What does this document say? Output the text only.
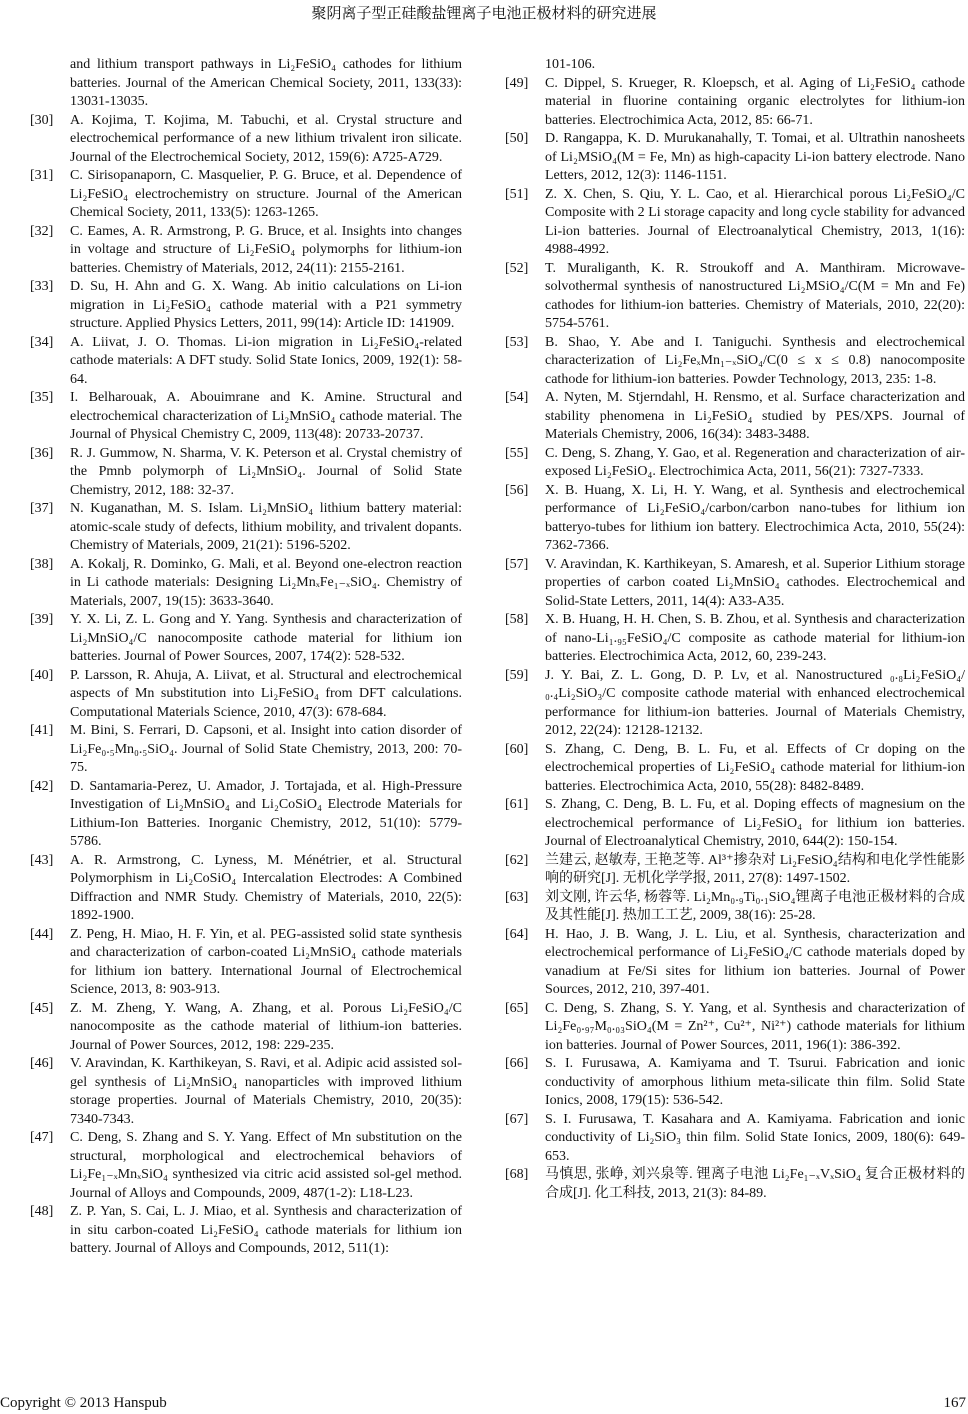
聚阴离子型正硅酸盐锂离子电池正极材料的研究进展
and lithium transport pathways in Li₂FeSiO₄ cathodes for lithium batteries. Journal of the American Chemical Society, 2011, 133(33): 13031-13035.
[30]	A. Kojima, T. Kojima, M. Tabuchi, et al. Crystal structure and electrochemical performance of a new lithium trivalent iron silicate. Journal of the Electrochemical Society, 2012, 159(6): A725-A729.
[31]	C. Sirisopanaporn, C. Masquelier, P. G. Bruce, et al. Dependence of Li₂FeSiO₄ electrochemistry on structure. Journal of the American Chemical Society, 2011, 133(5): 1263-1265.
[32]	C. Eames, A. R. Armstrong, P. G. Bruce, et al. Insights into changes in voltage and structure of Li₂FeSiO₄ polymorphs for lithium-ion batteries. Chemistry of Materials, 2012, 24(11): 2155-2161.
[33]	D. Su, H. Ahn and G. X. Wang. Ab initio calculations on Li-ion migration in Li₂FeSiO₄ cathode material with a P21 symmetry structure. Applied Physics Letters, 2011, 99(14): Article ID: 141909.
[34]	A. Liivat, J. O. Thomas. Li-ion migration in Li₂FeSiO₄-related cathode materials: A DFT study. Solid State Ionics, 2009, 192(1): 58-64.
[35]	I. Belharouak, A. Abouimrane and K. Amine. Structural and electrochemical characterization of Li₂MnSiO₄ cathode material. The Journal of Physical Chemistry C, 2009, 113(48): 20733-20737.
[36]	R. J. Gummow, N. Sharma, V. K. Peterson et al. Crystal chemistry of the Pmnb polymorph of Li₂MnSiO₄. Journal of Solid State Chemistry, 2012, 188: 32-37.
[37]	N. Kuganathan, M. S. Islam. Li₂MnSiO₄ lithium battery material: atomic-scale study of defects, lithium mobility, and trivalent dopants. Chemistry of Materials, 2009, 21(21): 5196-5202.
[38]	A. Kokalj, R. Dominko, G. Mali, et al. Beyond one-electron reaction in Li cathode materials: Designing Li₂MnₓFe₁₋ₓSiO₄. Chemistry of Materials, 2007, 19(15): 3633-3640.
[39]	Y. X. Li, Z. L. Gong and Y. Yang. Synthesis and characterization of Li₂MnSiO₄/C nanocomposite cathode material for lithium ion batteries. Journal of Power Sources, 2007, 174(2): 528-532.
[40]	P. Larsson, R. Ahuja, A. Liivat, et al. Structural and electrochemical aspects of Mn substitution into Li₂FeSiO₄ from DFT calculations. Computational Materials Science, 2010, 47(3): 678-684.
[41]	M. Bini, S. Ferrari, D. Capsoni, et al. Insight into cation disorder of Li₂Fe₀.₅Mn₀.₅SiO₄. Journal of Solid State Chemistry, 2013, 200: 70-75.
[42]	D. Santamaria-Perez, U. Amador, J. Tortajada, et al. High-Pressure Investigation of Li₂MnSiO₄ and Li₂CoSiO₄ Electrode Materials for Lithium-Ion Batteries. Inorganic Chemistry, 2012, 51(10): 5779-5786.
[43]	A. R. Armstrong, C. Lyness, M. Ménétrier, et al. Structural Polymorphism in Li₂CoSiO₄ Intercalation Electrodes: A Combined Diffraction and NMR Study. Chemistry of Materials, 2010, 22(5): 1892-1900.
[44]	Z. Peng, H. Miao, H. F. Yin, et al. PEG-assisted solid state synthesis and characterization of carbon-coated Li₂MnSiO₄ cathode materials for lithium ion battery. International Journal of Electrochemical Science, 2013, 8: 903-913.
[45]	Z. M. Zheng, Y. Wang, A. Zhang, et al. Porous Li₂FeSiO₄/C nanocomposite as the cathode material of lithium-ion batteries. Journal of Power Sources, 2012, 198: 229-235.
[46]	V. Aravindan, K. Karthikeyan, S. Ravi, et al. Adipic acid assisted sol-gel synthesis of Li₂MnSiO₄ nanoparticles with improved lithium storage properties. Journal of Materials Chemistry, 2010, 20(35): 7340-7343.
[47]	C. Deng, S. Zhang and S. Y. Yang. Effect of Mn substitution on the structural, morphological and electrochemical behaviors of Li₂Fe₁₋ₓMnₓSiO₄ synthesized via citric acid assisted sol-gel method. Journal of Alloys and Compounds, 2009, 487(1-2): L18-L23.
[48]	Z. P. Yan, S. Cai, L. J. Miao, et al. Synthesis and characterization of in situ carbon-coated Li₂FeSiO₄ cathode materials for lithium ion battery. Journal of Alloys and Compounds, 2012, 511(1):
101-106.
[49]	C. Dippel, S. Krueger, R. Kloepsch, et al. Aging of Li₂FeSiO₄ cathode material in fluorine containing organic electrolytes for lithium-ion batteries. Electrochimica Acta, 2012, 85: 66-71.
[50]	D. Rangappa, K. D. Murukanahally, T. Tomai, et al. Ultrathin nanosheets of Li₂MSiO₄(M = Fe, Mn) as high-capacity Li-ion battery electrode. Nano Letters, 2012, 12(3): 1146-1151.
[51]	Z. X. Chen, S. Qiu, Y. L. Cao, et al. Hierarchical porous Li₂FeSiO₄/C Composite with 2 Li storage capacity and long cycle stability for advanced Li-ion batteries. Journal of Electroanalytical Chemistry, 2013, 1(16): 4988-4992.
[52]	T. Muraliganth, K. R. Stroukoff and A. Manthiram. Microwave-solvothermal synthesis of nanostructured Li₂MSiO₄/C(M = Mn and Fe) cathodes for lithium-ion batteries. Chemistry of Materials, 2010, 22(20): 5754-5761.
[53]	B. Shao, Y. Abe and I. Taniguchi. Synthesis and electrochemical characterization of Li₂FeₓMn₁₋ₓSiO₄/C(0 ≤ x ≤ 0.8) nanocomposite cathode for lithium-ion batteries. Powder Technology, 2013, 235: 1-8.
[54]	A. Nyten, M. Stjerndahl, H. Rensmo, et al. Surface characterization and stability phenomena in Li₂FeSiO₄ studied by PES/XPS. Journal of Materials Chemistry, 2006, 16(34): 3483-3488.
[55]	C. Deng, S. Zhang, Y. Gao, et al. Regeneration and characterization of air-exposed Li₂FeSiO₄. Electrochimica Acta, 2011, 56(21): 7327-7333.
[56]	X. B. Huang, X. Li, H. Y. Wang, et al. Synthesis and electrochemical performance of Li₂FeSiO₄/carbon/carbon nano-tubes for lithium ion batteryo-tubes for lithium ion battery. Electrochimica Acta, 2010, 55(24): 7362-7366.
[57]	V. Aravindan, K. Karthikeyan, S. Amaresh, et al. Superior Lithium storage properties of carbon coated Li₂MnSiO₄ cathodes. Electrochemical and Solid-State Letters, 2011, 14(4): A33-A35.
[58]	X. B. Huang, H. H. Chen, S. B. Zhou, et al. Synthesis and characterization of nano-Li₁.₉₅FeSiO₄/C composite as cathode material for lithium-ion batteries. Electrochimica Acta, 2012, 60, 239-243.
[59]	J. Y. Bai, Z. L. Gong, D. P. Lv, et al. Nanostructured ₀.₈Li₂FeSiO₄/₀.₄Li₂SiO₃/C composite cathode material with enhanced electrochemical performance for lithium-ion batteries. Journal of Materials Chemistry, 2012, 22(24): 12128-12132.
[60]	S. Zhang, C. Deng, B. L. Fu, et al. Effects of Cr doping on the electrochemical properties of Li₂FeSiO₄ cathode material for lithium-ion batteries. Electrochimica Acta, 2010, 55(28): 8482-8489.
[61]	S. Zhang, C. Deng, B. L. Fu, et al. Doping effects of magnesium on the electrochemical performance of Li₂FeSiO₄ for lithium ion batteries. Journal of Electroanalytical Chemistry, 2010, 644(2): 150-154.
[62]	兰建云, 赵敏寿, 王艳芝等. Al³⁺掺杂对 Li₂FeSiO₄结构和电化学性能影响的研究[J]. 无机化学学报, 2011, 27(8): 1497-1502.
[63]	刘文刚, 许云华, 杨蓉等. Li₂Mn₀.₉Ti₀.₁SiO₄锂离子电池正极材料的合成及其性能[J]. 热加工工艺, 2009, 38(16): 25-28.
[64]	H. Hao, J. B. Wang, J. L. Liu, et al. Synthesis, characterization and electrochemical performance of Li₂FeSiO₄/C cathode materials doped by vanadium at Fe/Si sites for lithium ion batteries. Journal of Power Sources, 2012, 210, 397-401.
[65]	C. Deng, S. Zhang, S. Y. Yang, et al. Synthesis and characterization of Li₂Fe₀.₉₇M₀.₀₃SiO₄(M = Zn²⁺, Cu²⁺, Ni²⁺) cathode materials for lithium ion batteries. Journal of Power Sources, 2011, 196(1): 386-392.
[66]	S. I. Furusawa, A. Kamiyama and T. Tsurui. Fabrication and ionic conductivity of amorphous lithium meta-silicate thin film. Solid State Ionics, 2008, 179(15): 536-542.
[67]	S. I. Furusawa, T. Kasahara and A. Kamiyama. Fabrication and ionic conductivity of Li₂SiO₃ thin film. Solid State Ionics, 2009, 180(6): 649-653.
[68]	马慎思, 张峥, 刘兴泉等. 锂离子电池 Li₂Fe₁₋ₓVₓSiO₄ 复合正极材料的合成[J]. 化工科技, 2013, 21(3): 84-89.
Copyright © 2013 Hanspub	167
